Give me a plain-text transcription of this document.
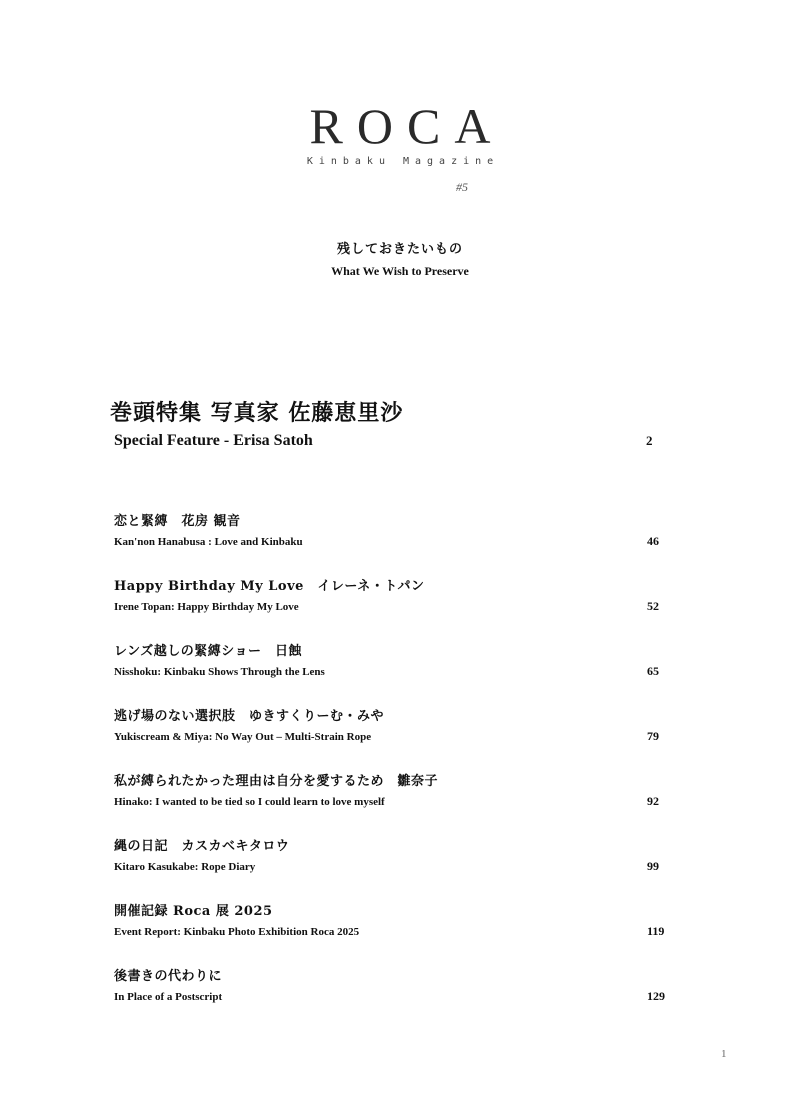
ROCA
Kinbaku Magazine
#5
残しておきたいもの
What We Wish to Preserve
巻頭特集 写真家 佐藤恵里沙
Special Feature - Erisa Satoh	2
恋と緊縛　花房 観音
Kan'non Hanabusa : Love and Kinbaku	46
Happy Birthday My Love　イレーネ・トパン
Irene Topan: Happy Birthday My Love	52
レンズ越しの緊縛ショー　日蝕
Nisshoku: Kinbaku Shows Through the Lens	65
逃げ場のない選択肢　ゆきすくりーむ・みや
Yukiscream & Miya: No Way Out – Multi-Strain Rope	79
私が縛られたかった理由は自分を愛するため　雛奈子
Hinako: I wanted to be tied so I could learn to love myself	92
縄の日記　カスカベキタロウ
Kitaro Kasukabe: Rope Diary	99
開催記録 Roca 展 2025
Event Report: Kinbaku Photo Exhibition Roca 2025	119
後書きの代わりに
In Place of a Postscript	129
1
